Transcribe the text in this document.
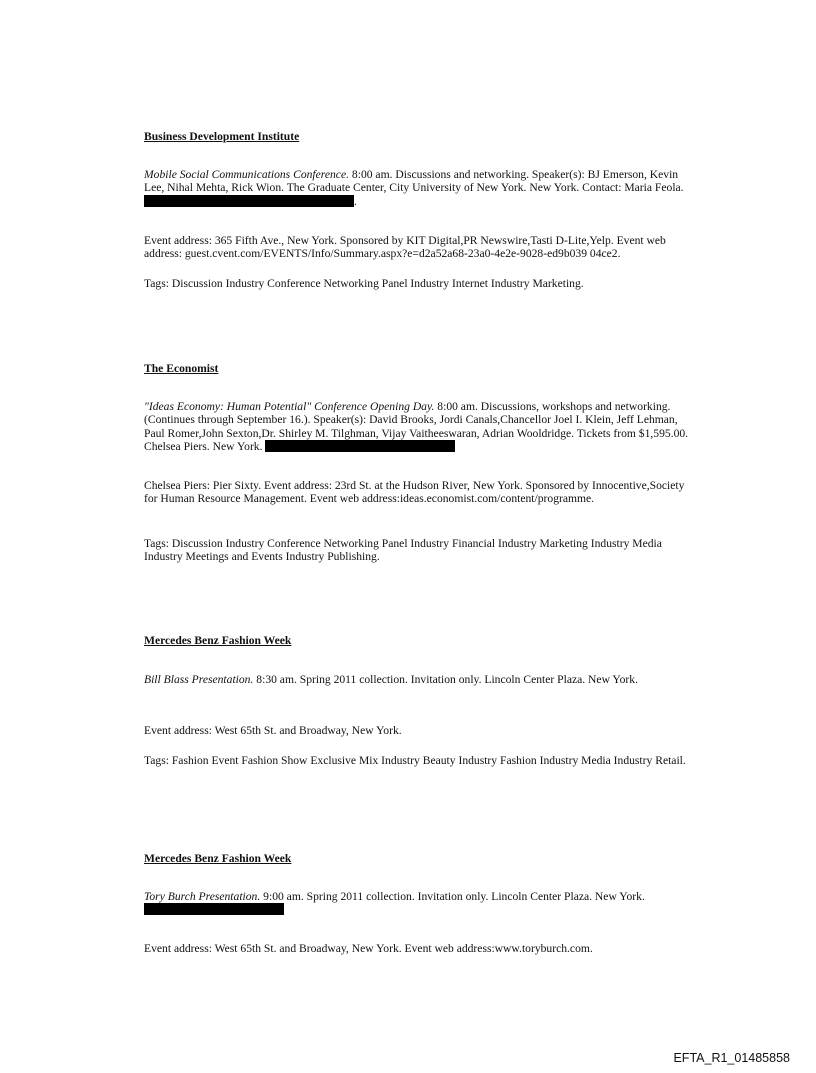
Business Development Institute
Mobile Social Communications Conference. 8:00 am. Discussions and networking. Speaker(s): BJ Emerson, Kevin Lee, Nihal Mehta, Rick Wion. The Graduate Center, City University of New York. New York. Contact: Maria Feola. .
Event address: 365 Fifth Ave., New York. Sponsored by KIT Digital,PR Newswire,Tasti D-Lite,Yelp. Event web address: guest.cvent.com/EVENTS/Info/Summary.aspx?e=d2a52a68-23a0-4e2e-9028-ed9b039 04ce2.
Tags: Discussion Industry Conference Networking Panel Industry Internet Industry Marketing.
The Economist
"Ideas Economy: Human Potential" Conference Opening Day. 8:00 am. Discussions, workshops and networking. (Continues through September 16.). Speaker(s): David Brooks, Jordi Canals,Chancellor Joel I. Klein, Jeff Lehman, Paul Romer,John Sexton,Dr. Shirley M. Tilghman, Vijay Vaitheeswaran, Adrian Wooldridge. Tickets from $1,595.00. Chelsea Piers. New York.
Chelsea Piers: Pier Sixty. Event address: 23rd St. at the Hudson River, New York. Sponsored by Innocentive,Society for Human Resource Management. Event web address:ideas.economist.com/content/programme.
Tags: Discussion Industry Conference Networking Panel Industry Financial Industry Marketing Industry Media Industry Meetings and Events Industry Publishing.
Mercedes Benz Fashion Week
Bill Blass Presentation. 8:30 am. Spring 2011 collection. Invitation only. Lincoln Center Plaza. New York.
Event address: West 65th St. and Broadway, New York.
Tags: Fashion Event Fashion Show Exclusive Mix Industry Beauty Industry Fashion Industry Media Industry Retail.
Mercedes Benz Fashion Week
Tory Burch Presentation. 9:00 am. Spring 2011 collection. Invitation only. Lincoln Center Plaza. New York.
Event address: West 65th St. and Broadway, New York. Event web address:www.toryburch.com.
EFTA_R1_01485858
